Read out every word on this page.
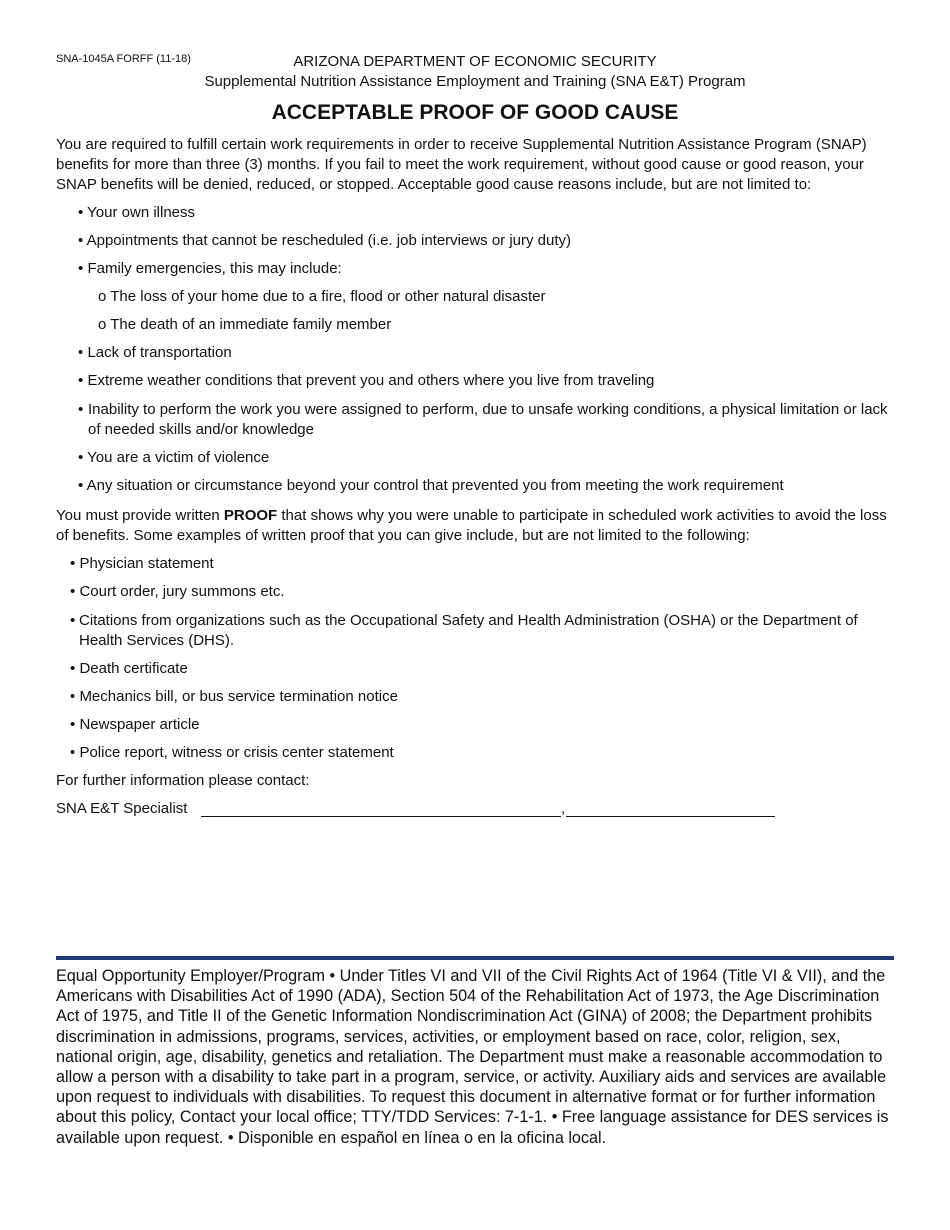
SNA-1045A FORFF (11-18)	ARIZONA DEPARTMENT OF ECONOMIC SECURITY
Supplemental Nutrition Assistance Employment and Training (SNA E&T) Program
ACCEPTABLE PROOF OF GOOD CAUSE
You are required to fulfill certain work requirements in order to receive Supplemental Nutrition Assistance Program (SNAP) benefits for more than three (3) months. If you fail to meet the work requirement, without good cause or good reason, your SNAP benefits will be denied, reduced, or stopped. Acceptable good cause reasons include, but are not limited to:
• Your own illness
• Appointments that cannot be rescheduled (i.e. job interviews or jury duty)
• Family emergencies, this may include:
o The loss of your home due to a fire, flood or other natural disaster
o The death of an immediate family member
• Lack of transportation
• Extreme weather conditions that prevent you and others where you live from traveling
• Inability to perform the work you were assigned to perform, due to unsafe working conditions, a physical limitation or lack of needed skills and/or knowledge
• You are a victim of violence
• Any situation or circumstance beyond your control that prevented you from meeting the work requirement
You must provide written PROOF that shows why you were unable to participate in scheduled work activities to avoid the loss of benefits. Some examples of written proof that you can give include, but are not limited to the following:
• Physician statement
• Court order, jury summons etc.
• Citations from organizations such as the Occupational Safety and Health Administration (OSHA) or the Department of Health Services (DHS).
• Death certificate
• Mechanics bill, or bus service termination notice
• Newspaper article
• Police report, witness or crisis center statement
For further information please contact:
SNA E&T Specialist	,
Equal Opportunity Employer/Program • Under Titles VI and VII of the Civil Rights Act of 1964 (Title VI & VII), and the Americans with Disabilities Act of 1990 (ADA), Section 504 of the Rehabilitation Act of 1973, the Age Discrimination Act of 1975, and Title II of the Genetic Information Nondiscrimination Act (GINA) of 2008; the Department prohibits discrimination in admissions, programs, services, activities, or employment based on race, color, religion, sex, national origin, age, disability, genetics and retaliation. The Department must make a reasonable accommodation to allow a person with a disability to take part in a program, service, or activity. Auxiliary aids and services are available upon request to individuals with disabilities. To request this document in alternative format or for further information about this policy, Contact your local office; TTY/TDD Services: 7-1-1. • Free language assistance for DES services is available upon request. • Disponible en español en línea o en la oficina local.
